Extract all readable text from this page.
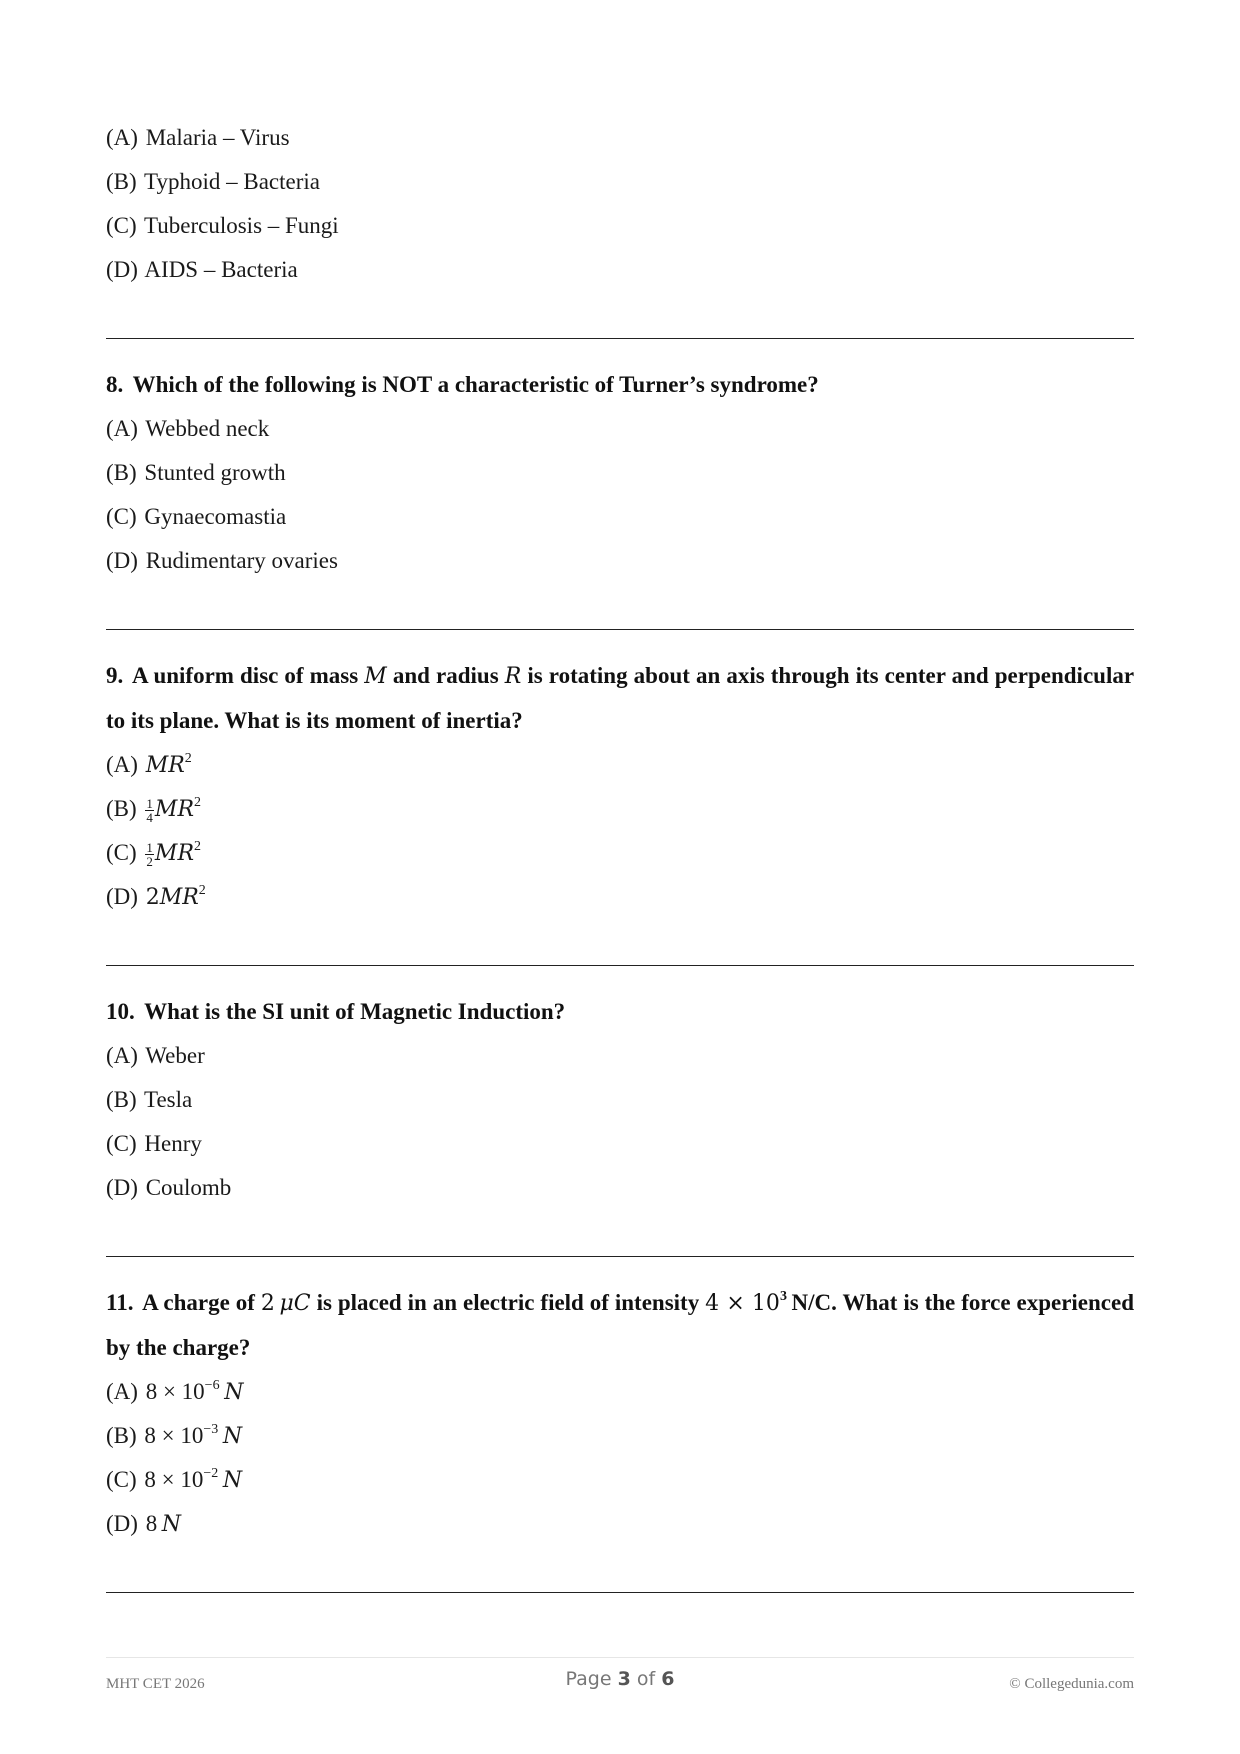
(A) Malaria – Virus
(B) Typhoid – Bacteria
(C) Tuberculosis – Fungi
(D) AIDS – Bacteria
8. Which of the following is NOT a characteristic of Turner’s syndrome?
(A) Webbed neck
(B) Stunted growth
(C) Gynaecomastia
(D) Rudimentary ovaries
9. A uniform disc of mass M and radius R is rotating about an axis through its center and perpendicular to its plane. What is its moment of inertia?
(A) $MR^2$
$(B) \frac{1}{4} MR^2$
$(C) \frac{1}{2} MR^2$
(D) $2MR^2$
10. What is the SI unit of Magnetic Induction?
(A) Weber
(B) Tesla
(C) Henry
(D) Coulomb
11. A charge of 2  μC is placed in an electric field of intensity $4 \times 10^3$  N/C. What is the force experienced by the charge?
(A) $8 \times 10^{-6}$  N
(B) $8 \times 10^{-3}$  N
(C) $8 \times 10^{-2}$  N
(D) 8  N
MHT CET 2026	Page 3 of 6	© Collegedunia.com
